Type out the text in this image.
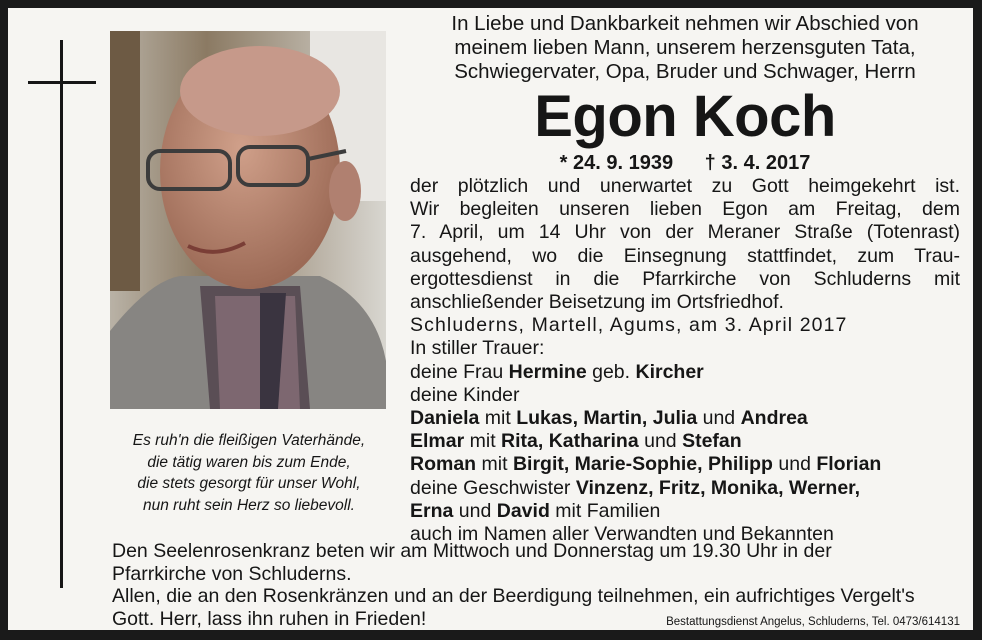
Es ruh'n die fleißigen Vaterhände,
die tätig waren bis zum Ende,
die stets gesorgt für unser Wohl,
nun ruht sein Herz so liebevoll.
In Liebe und Dankbarkeit nehmen wir Abschied von
meinem lieben Mann, unserem herzensguten Tata,
Schwiegervater, Opa, Bruder und Schwager, Herrn
Egon Koch
* 24. 9. 1939 † 3. 4. 2017
der plötzlich und unerwartet zu Gott heimgekehrt ist.
Wir begleiten unseren lieben Egon am Freitag, dem
7. April, um 14 Uhr von der Meraner Straße (Totenrast)
ausgehend, wo die Einsegnung stattfindet, zum Trau-
ergottesdienst in die Pfarrkirche von Schluderns mit
anschließender Beisetzung im Ortsfriedhof.
Schluderns, Martell, Agums, am 3. April 2017
In stiller Trauer:
deine Frau Hermine geb. Kircher
deine Kinder
Daniela mit Lukas, Martin, Julia und Andrea
Elmar mit Rita, Katharina und Stefan
Roman mit Birgit, Marie-Sophie, Philipp und Florian
deine Geschwister Vinzenz, Fritz, Monika, Werner,
Erna und David mit Familien
auch im Namen aller Verwandten und Bekannten
Den Seelenrosenkranz beten wir am Mittwoch und Donnerstag um 19.30 Uhr in der
Pfarrkirche von Schluderns.
Allen, die an den Rosenkränzen und an der Beerdigung teilnehmen, ein aufrichtiges Vergelt's
Gott. Herr, lass ihn ruhen in Frieden!	Bestattungsdienst Angelus, Schluderns, Tel. 0473/614131
